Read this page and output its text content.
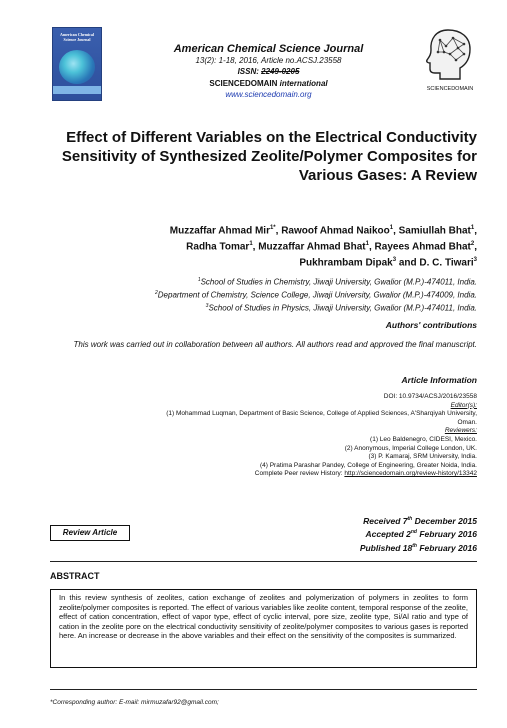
American Chemical Science Journal
American Chemical Science Journal
13(2): 1-18, 2016, Article no.ACSJ.23558
ISSN: 2249-0205
SCIENCEDOMAIN international
www.sciencedomain.org
SCIENCEDOMAIN
Effect of Different Variables on the Electrical Conductivity Sensitivity of Synthesized Zeolite/Polymer Composites for Various Gases: A Review
Muzzaffar Ahmad Mir$^{1*}$, Rawoof Ahmad Naikoo$^1$, Samiullah Bhat$^1$,
Radha Tomar$^1$, Muzzaffar Ahmad Bhat$^1$, Rayees Ahmad Bhat$^2$,
Pukhrambam Dipak$^3$ and D. C. Tiwari$^3$
$^1$School of Studies in Chemistry, Jiwaji University, Gwalior (M.P.)-474011, India.
$^2$Department of Chemistry, Science College, Jiwaji University, Gwalior (M.P.)-474009, India.
$^3$School of Studies in Physics, Jiwaji University, Gwalior (M.P.)-474011, India.
Authors' contributions
This work was carried out in collaboration between all authors. All authors read and approved the final manuscript.
Article Information
DOI: 10.9734/ACSJ/2016/23558
Editor(s):
(1) Mohammad Luqman, Department of Basic Science, College of Applied Sciences, A'Sharqiyah University,
Oman.
Reviewers:
(1) Leo Baldenegro, CIDESI, Mexico.
(2) Anonymous, Imperial College London, UK.
(3) P. Kamaraj, SRM University, India.
(4) Pratima Parashar Pandey, College of Engineering, Greater Noida, India.
Complete Peer review History: http://sciencedomain.org/review-history/13342
Review Article
Received 7th December 2015
Accepted 2nd February 2016
Published 18th February 2016
ABSTRACT
In this review synthesis of zeolites, cation exchange of zeolites and polymerization of polymers in zeolites to form zeolite/polymer composites is reported. The effect of various variables like zeolite content, temporal response of the zeolite, effect of cation concentration, effect of vapor type, effect of cyclic interval, pore size, zeolite type, Si/Al ratio and type of cation in the zeolite pore on the electrical conductivity sensitivity of zeolite/polymer composites to various gases is reported here. An increase or decrease in the above variables and their effect on the sensitivity of the composites is summarized.
*Corresponding author: E-mail: mirmuzafar92@gmail.com;
